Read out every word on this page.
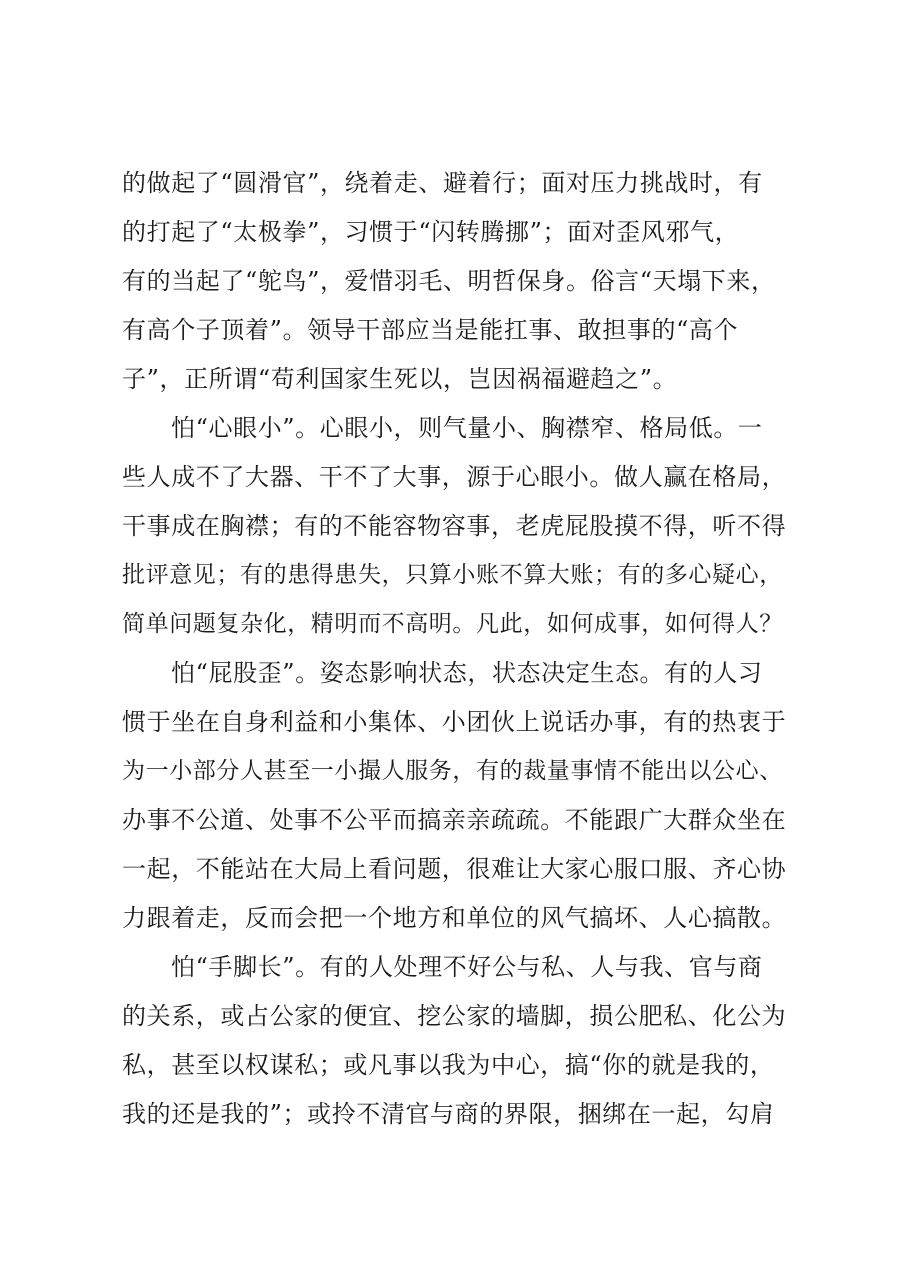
的做起了“圆滑官”，绕着走、避着行；面对压力挑战时，有
的打起了“太极拳”，习惯于“闪转腾挪”；面对歪风邪气，
有的当起了“鸵鸟”，爱惜羽毛、明哲保身。俗言“天塌下来，
有高个子顶着”。领导干部应当是能扛事、敢担事的“高个
子”，正所谓“苟利国家生死以，岂因祸福避趋之”。
怕“心眼小”。心眼小，则气量小、胸襟窄、格局低。一
些人成不了大器、干不了大事，源于心眼小。做人赢在格局，
干事成在胸襟；有的不能容物容事，老虎屁股摸不得，听不得
批评意见；有的患得患失，只算小账不算大账；有的多心疑心，
简单问题复杂化，精明而不高明。凡此，如何成事，如何得人？
怕“屁股歪”。姿态影响状态，状态决定生态。有的人习
惯于坐在自身利益和小集体、小团伙上说话办事，有的热衷于
为一小部分人甚至一小撮人服务，有的裁量事情不能出以公心、
办事不公道、处事不公平而搞亲亲疏疏。不能跟广大群众坐在
一起，不能站在大局上看问题，很难让大家心服口服、齐心协
力跟着走，反而会把一个地方和单位的风气搞坏、人心搞散。
怕“手脚长”。有的人处理不好公与私、人与我、官与商
的关系，或占公家的便宜、挖公家的墙脚，损公肥私、化公为
私，甚至以权谋私；或凡事以我为中心，搞“你的就是我的，
我的还是我的”；或拎不清官与商的界限，捆绑在一起，勾肩
